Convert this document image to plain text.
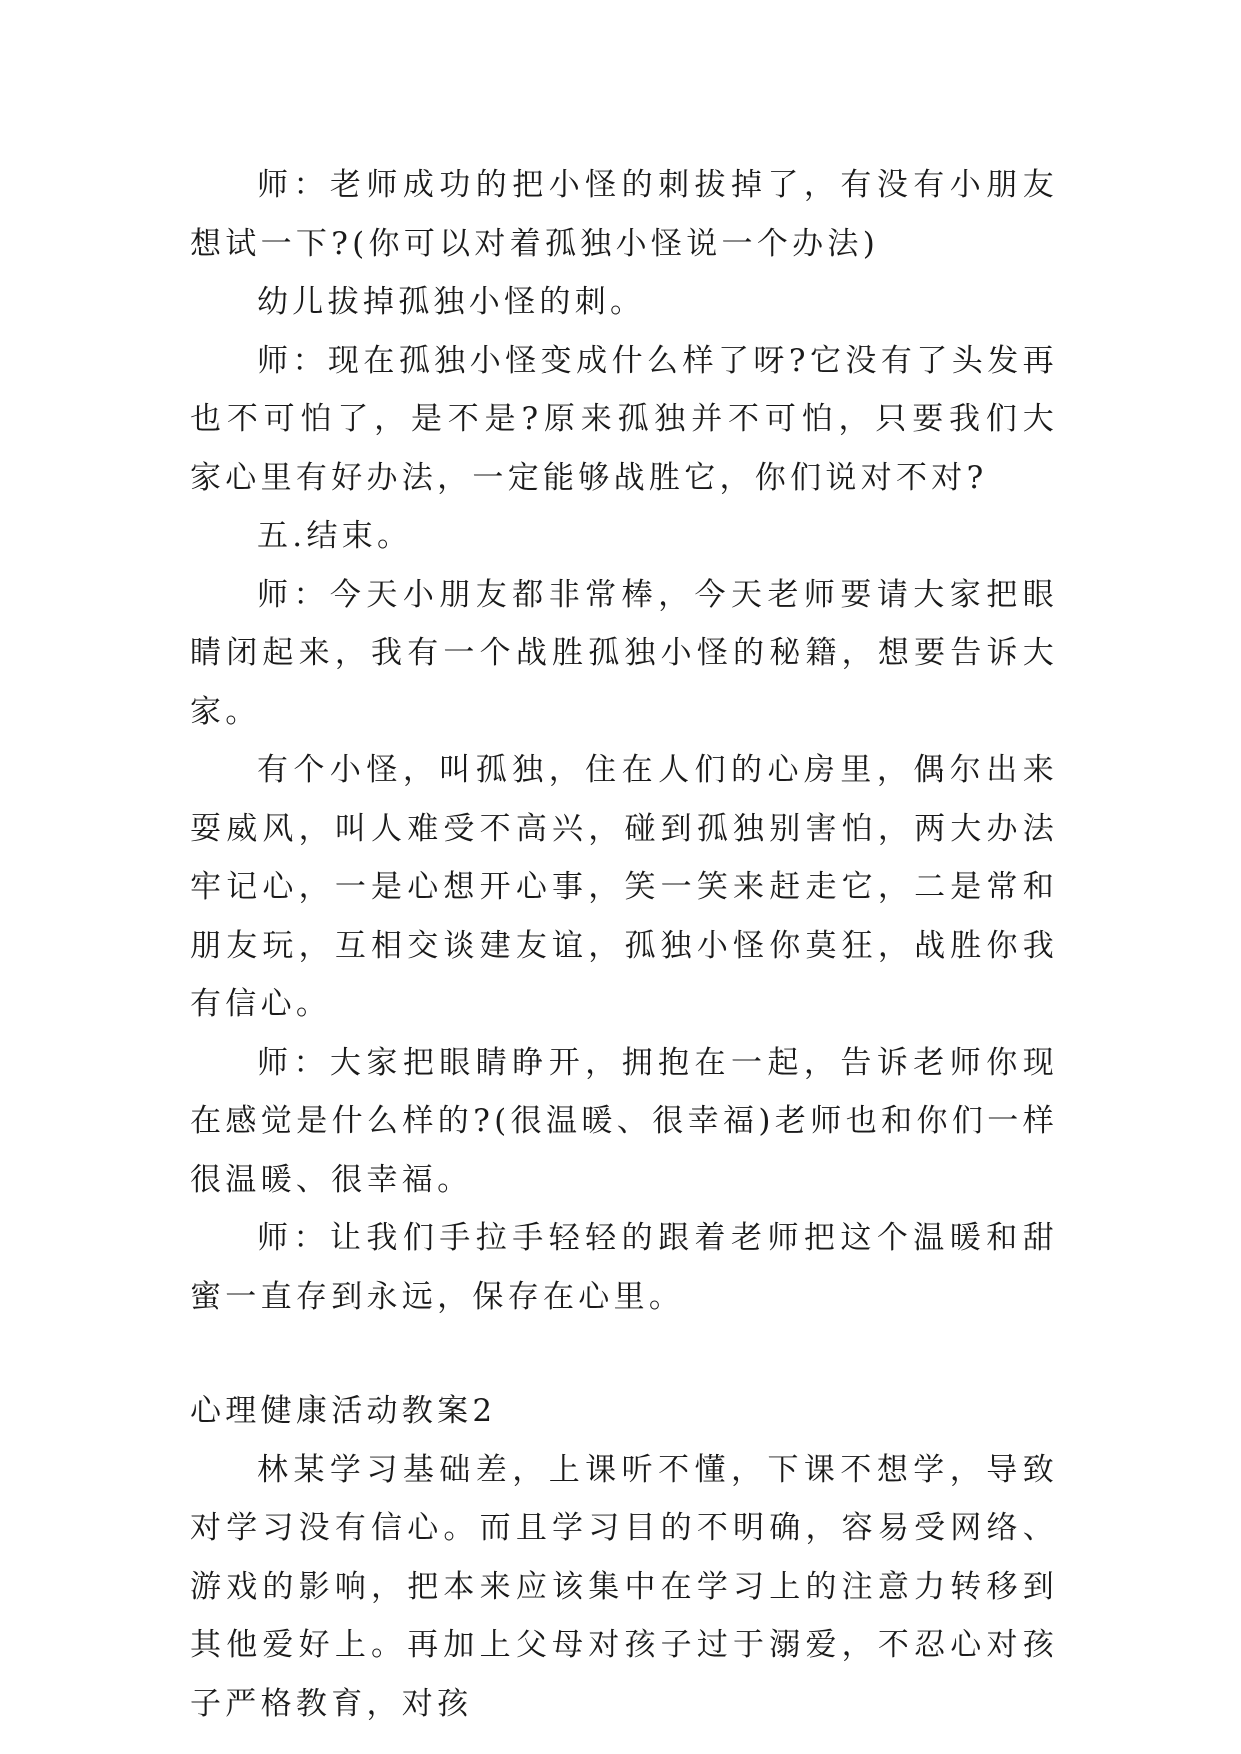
师：老师成功的把小怪的刺拔掉了，有没有小朋友想试一下?(你可以对着孤独小怪说一个办法)

幼儿拔掉孤独小怪的刺。

师：现在孤独小怪变成什么样了呀?它没有了头发再也不可怕了，是不是?原来孤独并不可怕，只要我们大家心里有好办法，一定能够战胜它，你们说对不对?

五.结束。

师：今天小朋友都非常棒，今天老师要请大家把眼睛闭起来，我有一个战胜孤独小怪的秘籍，想要告诉大家。

有个小怪，叫孤独，住在人们的心房里，偶尔出来耍威风，叫人难受不高兴，碰到孤独别害怕，两大办法牢记心，一是心想开心事，笑一笑来赶走它，二是常和朋友玩，互相交谈建友谊，孤独小怪你莫狂，战胜你我有信心。

师：大家把眼睛睁开，拥抱在一起，告诉老师你现在感觉是什么样的?(很温暖、很幸福)老师也和你们一样很温暖、很幸福。

师：让我们手拉手轻轻的跟着老师把这个温暖和甜蜜一直存到永远，保存在心里。

心理健康活动教案2

林某学习基础差，上课听不懂，下课不想学，导致对学习没有信心。而且学习目的不明确，容易受网络、游戏的影响，把本来应该集中在学习上的注意力转移到其他爱好上。再加上父母对孩子过于溺爱，不忍心对孩子严格教育，对孩
